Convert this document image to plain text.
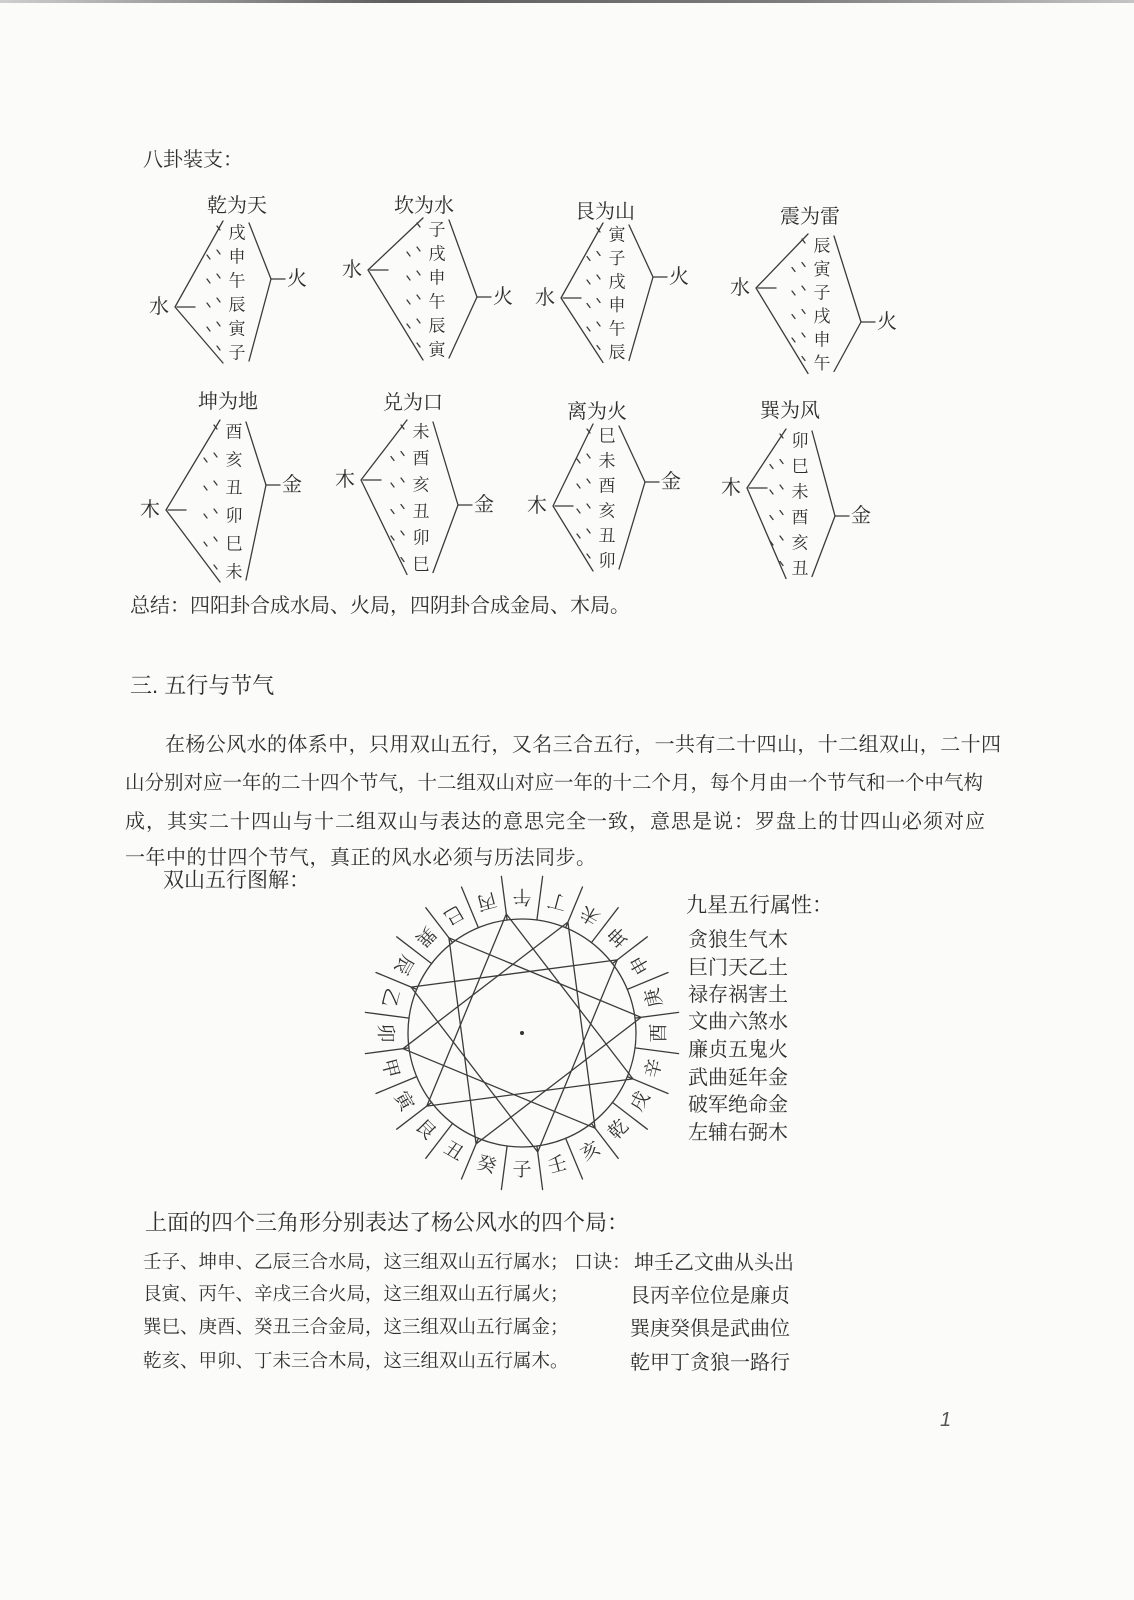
八卦装支：
乾为天
戌
申
午
辰
寅
子
水
火
坎为水
子
戌
申
午
辰
寅
水
火
艮为山
寅
子
戌
申
午
辰
水
火
震为雷
辰
寅
子
戌
申
午
水
火
坤为地
酉
亥
丑
卯
巳
未
木
金
兑为口
未
酉
亥
丑
卯
巳
木
金
离为火
巳
未
酉
亥
丑
卯
木
金
巽为风
卯
巳
未
酉
亥
丑
木
金
总结：四阳卦合成水局、火局，四阴卦合成金局、木局。
三. 五行与节气
在杨公风水的体系中，只用双山五行，又名三合五行，一共有二十四山，十二组双山，二十四
山分别对应一年的二十四个节气，十二组双山对应一年的十二个月，每个月由一个节气和一个中气构
成，其实二十四山与十二组双山与表达的意思完全一致，意思是说：罗盘上的廿四山必须对应
一年中的廿四个节气，真正的风水必须与历法同步。
双山五行图解：
午 丁 未
坤
申
庚
酉
辛
戌
乾
亥
壬
子
癸
丑
艮
寅
甲
卯
乙
辰
巽
巳 丙	九星五行属性：
贪狼生气木
巨门天乙土
禄存祸害土
文曲六煞水
廉贞五鬼火
武曲延年金
破军绝命金
左辅右弼木
上面的四个三角形分别表达了杨公风水的四个局：
壬子、坤申、乙辰三合水局，这三组双山五行属水；
艮寅、丙午、辛戌三合火局，这三组双山五行属火；
巽巳、庚酉、癸丑三合金局，这三组双山五行属金；
乾亥、甲卯、丁未三合木局，这三组双山五行属木。
口诀： 坤壬乙文曲从头出
艮丙辛位位是廉贞
巽庚癸俱是武曲位
乾甲丁贪狼一路行
1
